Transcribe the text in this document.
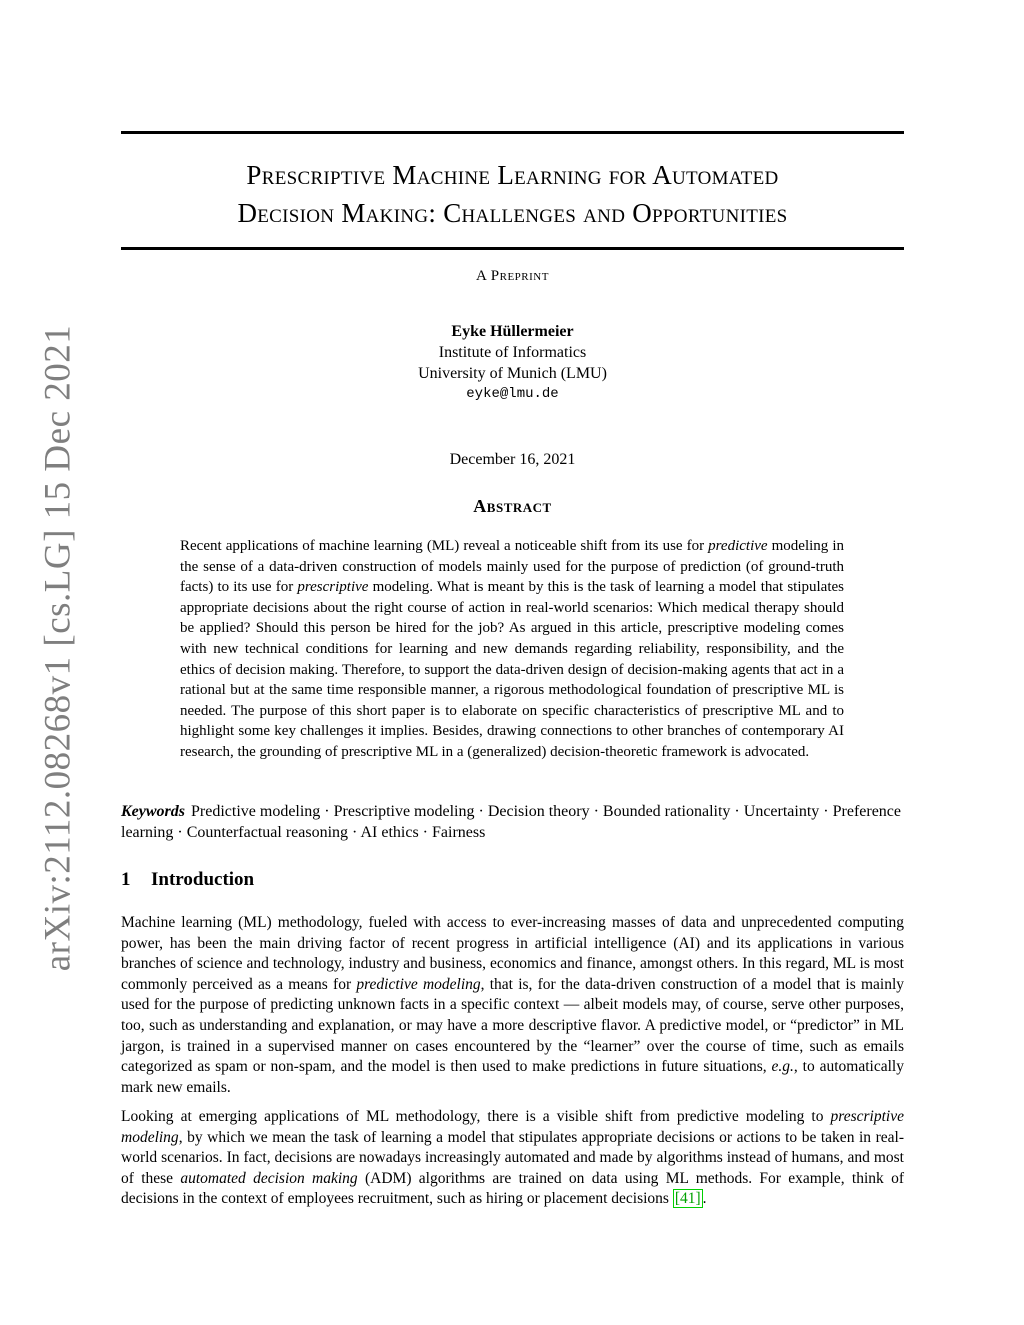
arXiv:2112.08268v1 [cs.LG] 15 Dec 2021
Prescriptive Machine Learning for Automated
Decision Making: Challenges and Opportunities
A Preprint
Eyke Hüllermeier
Institute of Informatics
University of Munich (LMU)
eyke@lmu.de
December 16, 2021
Abstract
Recent applications of machine learning (ML) reveal a noticeable shift from its use for predictive modeling in the sense of a data-driven construction of models mainly used for the purpose of prediction (of ground-truth facts) to its use for prescriptive modeling. What is meant by this is the task of learning a model that stipulates appropriate decisions about the right course of action in real-world scenarios: Which medical therapy should be applied? Should this person be hired for the job? As argued in this article, prescriptive modeling comes with new technical conditions for learning and new demands regarding reliability, responsibility, and the ethics of decision making. Therefore, to support the data-driven design of decision-making agents that act in a rational but at the same time responsible manner, a rigorous methodological foundation of prescriptive ML is needed. The purpose of this short paper is to elaborate on specific characteristics of prescriptive ML and to highlight some key challenges it implies. Besides, drawing connections to other branches of contemporary AI research, the grounding of prescriptive ML in a (generalized) decision-theoretic framework is advocated.
Keywords Predictive modeling · Prescriptive modeling · Decision theory · Bounded rationality · Uncertainty · Preference learning · Counterfactual reasoning · AI ethics · Fairness
1 Introduction
Machine learning (ML) methodology, fueled with access to ever-increasing masses of data and unprecedented computing power, has been the main driving factor of recent progress in artificial intelligence (AI) and its applications in various branches of science and technology, industry and business, economics and finance, amongst others. In this regard, ML is most commonly perceived as a means for predictive modeling, that is, for the data-driven construction of a model that is mainly used for the purpose of predicting unknown facts in a specific context — albeit models may, of course, serve other purposes, too, such as understanding and explanation, or may have a more descriptive flavor. A predictive model, or “predictor” in ML jargon, is trained in a supervised manner on cases encountered by the “learner” over the course of time, such as emails categorized as spam or non-spam, and the model is then used to make predictions in future situations, e.g., to automatically mark new emails.
Looking at emerging applications of ML methodology, there is a visible shift from predictive modeling to prescriptive modeling, by which we mean the task of learning a model that stipulates appropriate decisions or actions to be taken in real-world scenarios. In fact, decisions are nowadays increasingly automated and made by algorithms instead of humans, and most of these automated decision making (ADM) algorithms are trained on data using ML methods. For example, think of decisions in the context of employees recruitment, such as hiring or placement decisions [41] .
